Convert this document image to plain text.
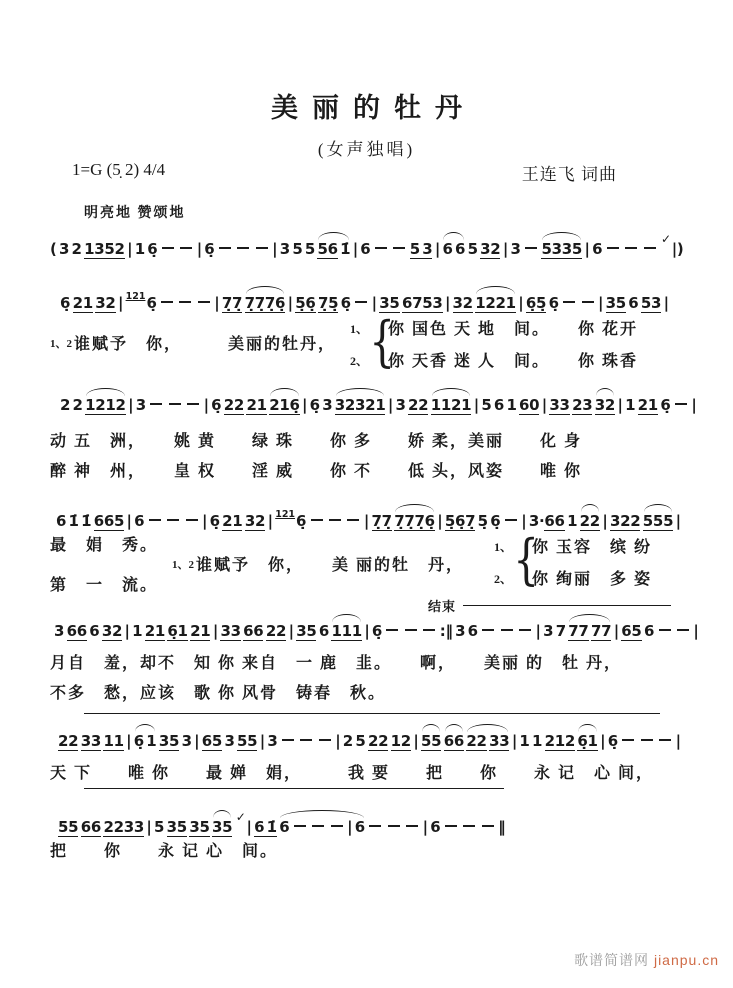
美丽的牡丹
(女声独唱)
1=G (5̣ 2) 4/4	王连飞 词曲
明亮地 赞颂地
( 3 2 1352 | 1 6̣   | 6̣	| 3 5 5 56 1̇ | 6   5 3 | 6 6 5 32 | 3  5335 | 6    ✓|)
6̣ 21 32 | $^{121}$6̣	| 7̣7̣ 7̣7̣7̣6̣ | 5̣6̣ 7̣5̣ 6̣  | 35 6753 | 32 1221 | 6̣5̣ 6̣   | 35 6 53 |
1、2 谁赋予　你，　　　美丽的牡丹，
1、
2、 {
你 国色 天 地　间。　　你 花开
你 天香 迷 人　间。　　你 珠香
2 2 1212 | 3	| 6̣ 22 21 216̣ | 6̣ 3 32321 | 3 22 1121 | 5 6 1 60 | 33 23 32 | 1 21 6̣  |
动 五　洲，　　姚 黄　　绿 珠　　你 多　　娇 柔，美丽　　化 身
醉 神　州，　　皇 权　　淫 威　　你 不　　低 头，风姿　　唯 你
6 1̇ 1̇ 665 | 6	| 6̣ 21 32 | $^{121}$6̣	| 7̣7̣ 7̣7̣7̣6̣ | 5̣6̣7̣ 5̣ 6̣  | 3·66 1 22 | 322 555 |
最　娟　秀。
1、2 谁赋予　你，　　美 丽的牡　丹，
第　一　流。
1、
2、 {
你 玉容　缤 纷
你 绚丽　多 姿
结束
3 66 6 32 | 1 21 6̣1 21 | 33 66 22 | 35 6 111 | 6̣	:‖ 3 6	| 3 7 77 77 | 65 6   |
月自　羞，却不　知 你 来自　一 鹿　韭。　　啊，　　美丽 的　牡 丹，
不多　愁，应该　歌 你 风骨　铸春　秋。
22 33 11 | 6̣ 1 35 3 | 65 3 55 | 3	| 2 5 22 12 | 55 66 22 33 | 1 1 212 6̣1 | 6̣	|
天 下　　唯 你　　最 婵　娟，　　　我 要　　把　　你　　永 记　心 间，
55 66 2233 | 5 35 35 35 ✓| 6 1̇ 6	| 6	| 6	‖
把　　你　　永 记 心　间。
歌谱简谱网 jianpu.cn
